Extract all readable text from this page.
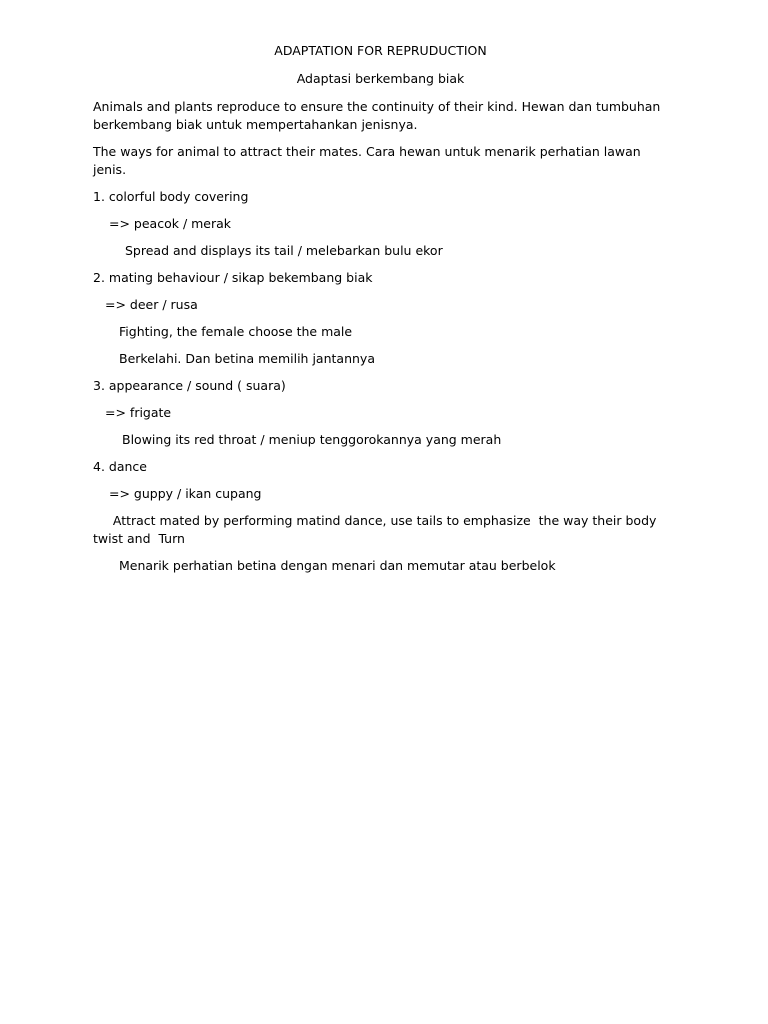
ADAPTATION FOR REPRUDUCTION

Adaptasi berkembang biak

Animals and plants reproduce to ensure the continuity of their kind. Hewan dan tumbuhan berkembang biak untuk mempertahankan jenisnya.

The ways for animal to attract their mates. Cara hewan untuk menarik perhatian lawan jenis.

1. colorful body covering

=> peacok / merak

Spread and displays its tail / melebarkan bulu ekor

2. mating behaviour / sikap bekembang biak

=> deer / rusa

Fighting, the female choose the male

Berkelahi. Dan betina memilih jantannya

3. appearance / sound ( suara)

=> frigate

Blowing its red throat / meniup tenggorokannya yang merah

4. dance

=> guppy / ikan cupang

Attract mated by performing matind dance, use tails to emphasize  the way their body twist and  Turn

Menarik perhatian betina dengan menari dan memutar atau berbelok
